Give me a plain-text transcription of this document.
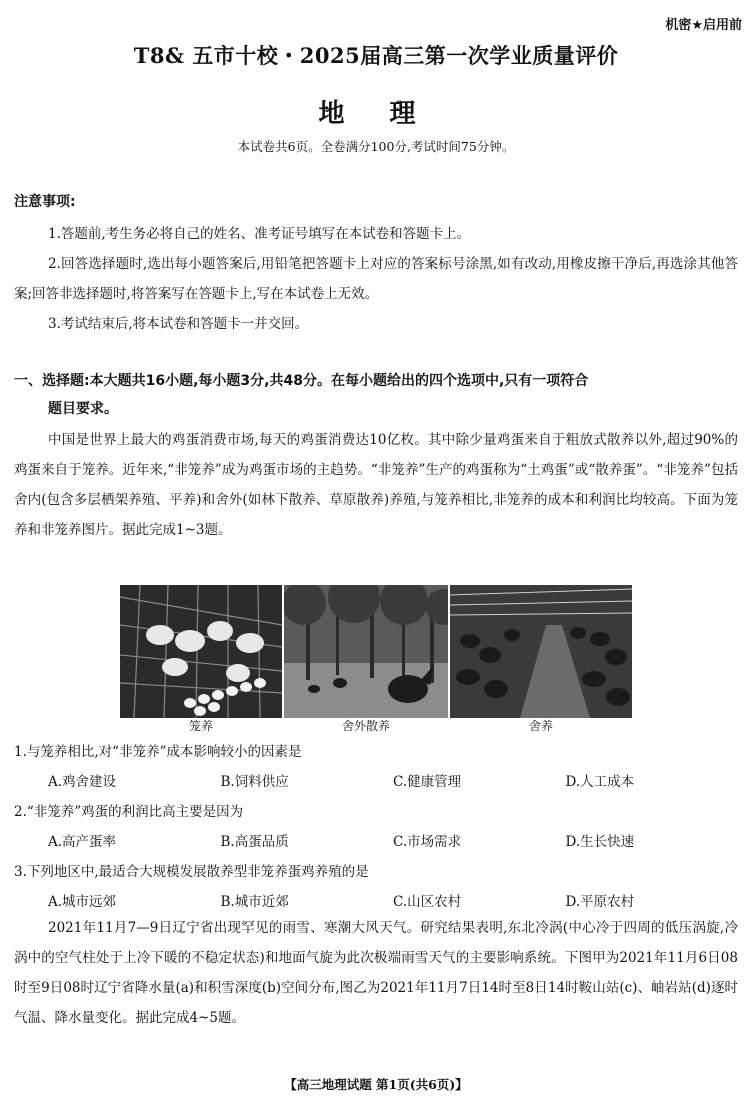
机密★启用前
T8& 五市十校・2025届高三第一次学业质量评价
地 理
本试卷共6页。全卷满分100分,考试时间75分钟。
注意事项:
1.答题前,考生务必将自己的姓名、准考证号填写在本试卷和答题卡上。
2.回答选择题时,选出每小题答案后,用铅笔把答题卡上对应的答案标号涂黑,如有改动,用橡皮擦干净后,再选涂其他答案;回答非选择题时,将答案写在答题卡上,写在本试卷上无效。
3.考试结束后,将本试卷和答题卡一并交回。
一、选择题:本大题共16小题,每小题3分,共48分。在每小题给出的四个选项中,只有一项符合
题目要求。
中国是世界上最大的鸡蛋消费市场,每天的鸡蛋消费达10亿枚。其中除少量鸡蛋来自于粗放式散养以外,超过90%的鸡蛋来自于笼养。近年来,“非笼养”成为鸡蛋市场的主趋势。“非笼养”生产的鸡蛋称为“土鸡蛋”或“散养蛋”。“非笼养”包括舍内(包含多层栖架养殖、平养)和舍外(如林下散养、草原散养)养殖,与笼养相比,非笼养的成本和利润比均较高。下面为笼养和非笼养图片。据此完成1~3题。
笼养	舍外散养	舍养
1.与笼养相比,对“非笼养”成本影响较小的因素是
A.鸡舍建设	B.饲料供应	C.健康管理	D.人工成本
2.“非笼养”鸡蛋的利润比高主要是因为
A.高产蛋率	B.高蛋品质	C.市场需求	D.生长快速
3.下列地区中,最适合大规模发展散养型非笼养蛋鸡养殖的是
A.城市远郊	B.城市近郊	C.山区农村	D.平原农村
2021年11月7—9日辽宁省出现罕见的雨雪、寒潮大风天气。研究结果表明,东北冷涡(中心冷于四周的低压涡旋,冷涡中的空气柱处于上冷下暖的不稳定状态)和地面气旋为此次极端雨雪天气的主要影响系统。下图甲为2021年11月6日08时至9日08时辽宁省降水量(a)和积雪深度(b)空间分布,图乙为2021年11月7日14时至8日14时鞍山站(c)、岫岩站(d)逐时气温、降水量变化。据此完成4~5题。
【高三地理试题 第1页(共6页)】
